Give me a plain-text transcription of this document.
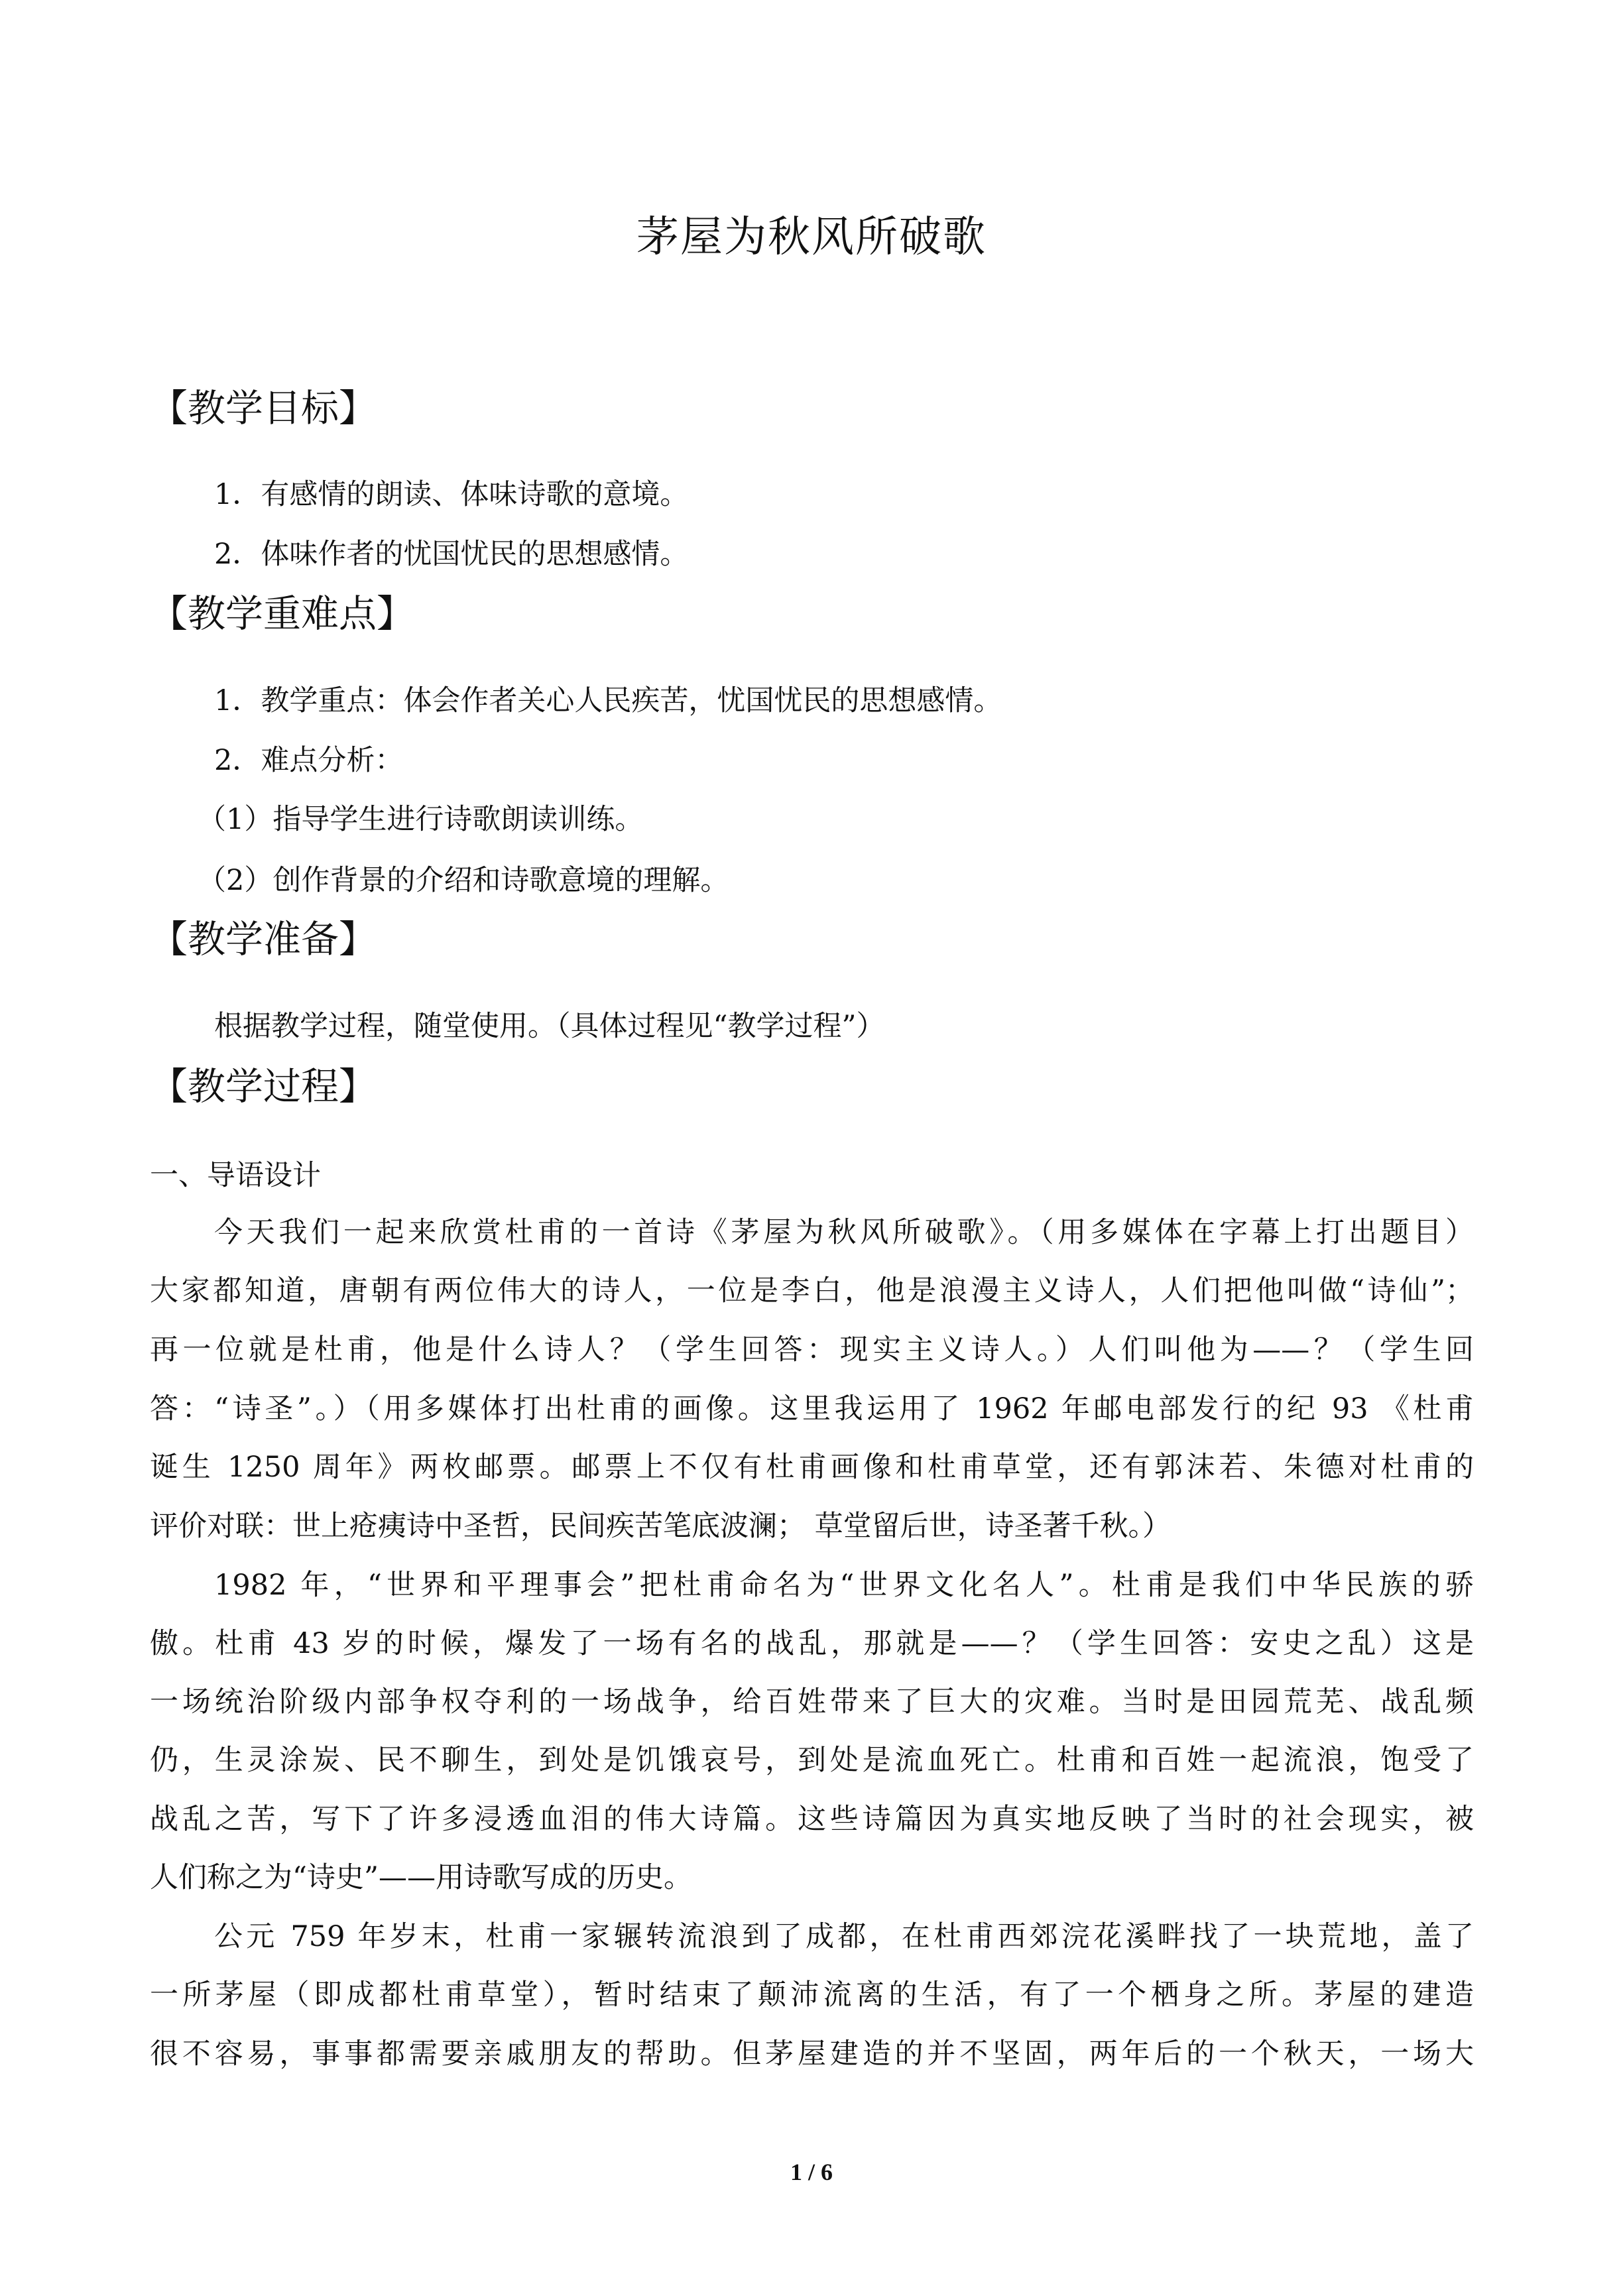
茅屋为秋风所破歌
【教学目标】
1．有感情的朗读、体味诗歌的意境。
2．体味作者的忧国忧民的思想感情。
【教学重难点】
1．教学重点：体会作者关心人民疾苦，忧国忧民的思想感情。
2．难点分析：
（1）指导学生进行诗歌朗读训练。
（2）创作背景的介绍和诗歌意境的理解。
【教学准备】
根据教学过程，随堂使用。（具体过程见“教学过程”）
【教学过程】
一、导语设计
今天我们一起来欣赏杜甫的一首诗《茅屋为秋风所破歌》。（用多媒体在字幕上打出题目）
大家都知道，唐朝有两位伟大的诗人，一位是李白，他是浪漫主义诗人，人们把他叫做“诗仙”；
再一位就是杜甫，他是什么诗人？（学生回答：现实主义诗人。）人们叫他为——？（学生回
答：“诗圣”。）（用多媒体打出杜甫的画像。这里我运用了 1962 年邮电部发行的纪 93 《杜甫
诞生 1250 周年》两枚邮票。邮票上不仅有杜甫画像和杜甫草堂，还有郭沫若、朱德对杜甫的
评价对联：世上疮痍诗中圣哲，民间疾苦笔底波澜； 草堂留后世，诗圣著千秋。）
1982 年，“世界和平理事会”把杜甫命名为“世界文化名人”。杜甫是我们中华民族的骄
傲。杜甫 43 岁的时候，爆发了一场有名的战乱，那就是——？（学生回答：安史之乱）这是
一场统治阶级内部争权夺利的一场战争，给百姓带来了巨大的灾难。当时是田园荒芜、战乱频
仍，生灵涂炭、民不聊生，到处是饥饿哀号，到处是流血死亡。杜甫和百姓一起流浪，饱受了
战乱之苦，写下了许多浸透血泪的伟大诗篇。这些诗篇因为真实地反映了当时的社会现实，被
人们称之为“诗史”——用诗歌写成的历史。
公元 759 年岁末，杜甫一家辗转流浪到了成都，在杜甫西郊浣花溪畔找了一块荒地，盖了
一所茅屋（即成都杜甫草堂），暂时结束了颠沛流离的生活，有了一个栖身之所。茅屋的建造
很不容易，事事都需要亲戚朋友的帮助。但茅屋建造的并不坚固，两年后的一个秋天，一场大
1 / 6
